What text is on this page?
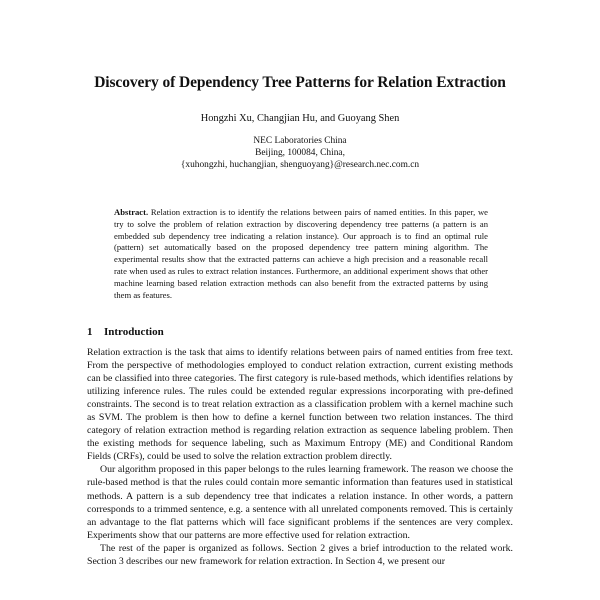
Discovery of Dependency Tree Patterns for Relation Extraction
Hongzhi Xu, Changjian Hu, and Guoyang Shen
NEC Laboratories China
Beijing, 100084, China,
{xuhongzhi, huchangjian, shenguoyang}@research.nec.com.cn
Abstract. Relation extraction is to identify the relations between pairs of named entities. In this paper, we try to solve the problem of relation extraction by discovering dependency tree patterns (a pattern is an embedded sub dependency tree indicating a relation instance). Our approach is to find an optimal rule (pattern) set automatically based on the proposed dependency tree pattern mining algorithm. The experimental results show that the extracted patterns can achieve a high precision and a reasonable recall rate when used as rules to extract relation instances. Furthermore, an additional experiment shows that other machine learning based relation extraction methods can also benefit from the extracted patterns by using them as features.
1 Introduction

Relation extraction is the task that aims to identify relations between pairs of named entities from free text. From the perspective of methodologies employed to conduct relation extraction, current existing methods can be classified into three categories. The first category is rule-based methods, which identifies relations by utilizing inference rules. The rules could be extended regular expressions incorporating with pre-defined constraints. The second is to treat relation extraction as a classification problem with a kernel machine such as SVM. The problem is then how to define a kernel function between two relation instances. The third category of relation extraction method is regarding relation extraction as sequence labeling problem. Then the existing methods for sequence labeling, such as Maximum Entropy (ME) and Conditional Random Fields (CRFs), could be used to solve the relation extraction problem directly.

Our algorithm proposed in this paper belongs to the rules learning framework. The reason we choose the rule-based method is that the rules could contain more semantic information than features used in statistical methods. A pattern is a sub dependency tree that indicates a relation instance. In other words, a pattern corresponds to a trimmed sentence, e.g. a sentence with all unrelated components removed. This is certainly an advantage to the flat patterns which will face significant problems if the sentences are very complex. Experiments show that our patterns are more effective used for relation extraction.

The rest of the paper is organized as follows. Section 2 gives a brief introduction to the related work. Section 3 describes our new framework for relation extraction. In Section 4, we present our
